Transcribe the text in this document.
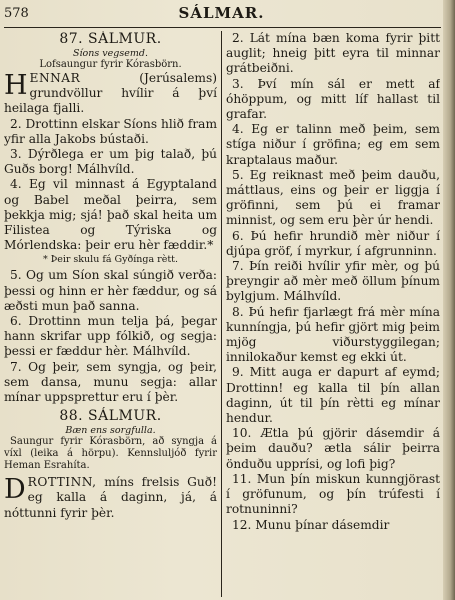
578	SÁLMAR.
87. SÁLMUR.
Síons vegsemd.
Lofsaungur fyrir Kórasbörn.

HENNAR (Jerúsalems) grundvöllur hvílir á því heilaga fjalli.

2. Drottinn elskar Síons hlið fram yfir alla Jakobs bústaði.

3. Dýrðlega er um þig talað, þú Guðs borg! Málhvíld.

4. Eg vil minnast á Egyptaland og Babel meðal þeirra, sem þekkja mig; sjá! það skal heita um Filistea og Týriska og Mórlendska: þeir eru hèr fæddir.*

* Þeir skulu fá Gyðínga rètt.

5. Og um Síon skal súngið verða: þessi og hinn er hèr fæddur, og sá æðsti mun það sanna.

6. Drottinn mun telja þá, þegar hann skrifar upp fólkið, og segja: þessi er fæddur hèr. Málhvíld.

7. Og þeir, sem syngja, og þeir, sem dansa, munu segja: allar mínar uppsprettur eru í þèr.

88. SÁLMUR.
Bæn ens sorgfulla.
Saungur fyrir Kórasbörn, að syngja á víxl (leika á hörpu). Kennsluljóð fyrir Heman Esrahíta.

DROTTINN, míns frelsis Guð! eg kalla á daginn, já, á nóttunni fyrir þèr.

2. Lát mína bæn koma fyrir þitt auglit; hneig þitt eyra til minnar grátbeiðni.

3. Því mín sál er mett af óhöppum, og mitt líf hallast til grafar.

4. Eg er talinn með þeim, sem stíga niður í gröfina; eg em sem kraptalaus maður.

5. Eg reiknast með þeim dauðu, máttlaus, eins og þeir er liggja í gröfinni, sem þú ei framar minnist, og sem eru þèr úr hendi.

6. Þú hefir hrundið mèr niður í djúpa gröf, í myrkur, í afgrunninn.

7. Þín reiði hvílir yfir mèr, og þú þreyngir að mèr með öllum þínum bylgjum. Málhvíld.

8. Þú hefir fjarlægt frá mèr mína kunníngja, þú hefir gjört mig þeim mjög viðurstyggilegan; innilokaður kemst eg ekki út.

9. Mitt auga er dapurt af eymd; Drottinn! eg kalla til þín allan daginn, út til þín rètti eg mínar hendur.

10. Ætla þú gjörir dásemdir á þeim dauðu? ætla sálir þeirra önduðu upprísi, og lofi þig?

11. Mun þín miskun kunngjörast í gröfunum, og þín trúfesti í rotnuninni?

12. Munu þínar dásemdir
